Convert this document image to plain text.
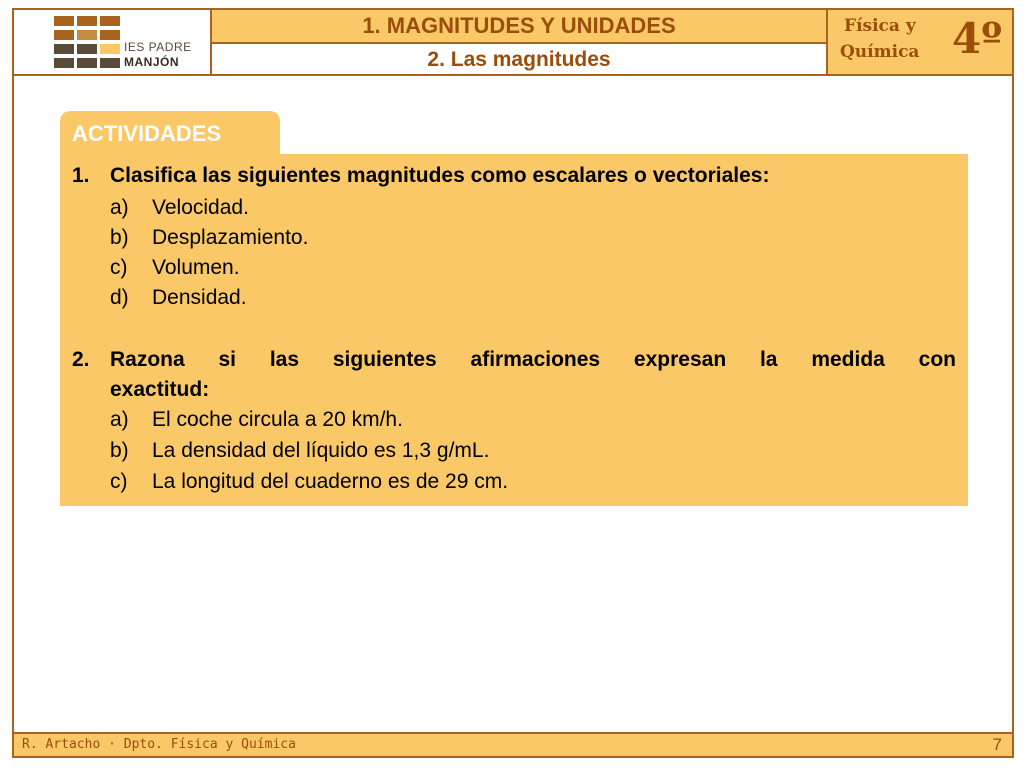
IES PADRE
MANJÓN
1. MAGNITUDES Y UNIDADES
2. Las magnitudes
Física y
Química 4º
ACTIVIDADES
1. Clasifica las siguientes magnitudes como escalares o vectoriales:
a) Velocidad.
b) Desplazamiento.
c) Volumen.
d) Densidad.
2. Razona si las siguientes afirmaciones expresan la medida con
exactitud:
a) El coche circula a 20 km/h.
b) La densidad del líquido es 1,3 g/mL.
c) La longitud del cuaderno es de 29 cm.
R. Artacho · Dpto. Física y Química	7
